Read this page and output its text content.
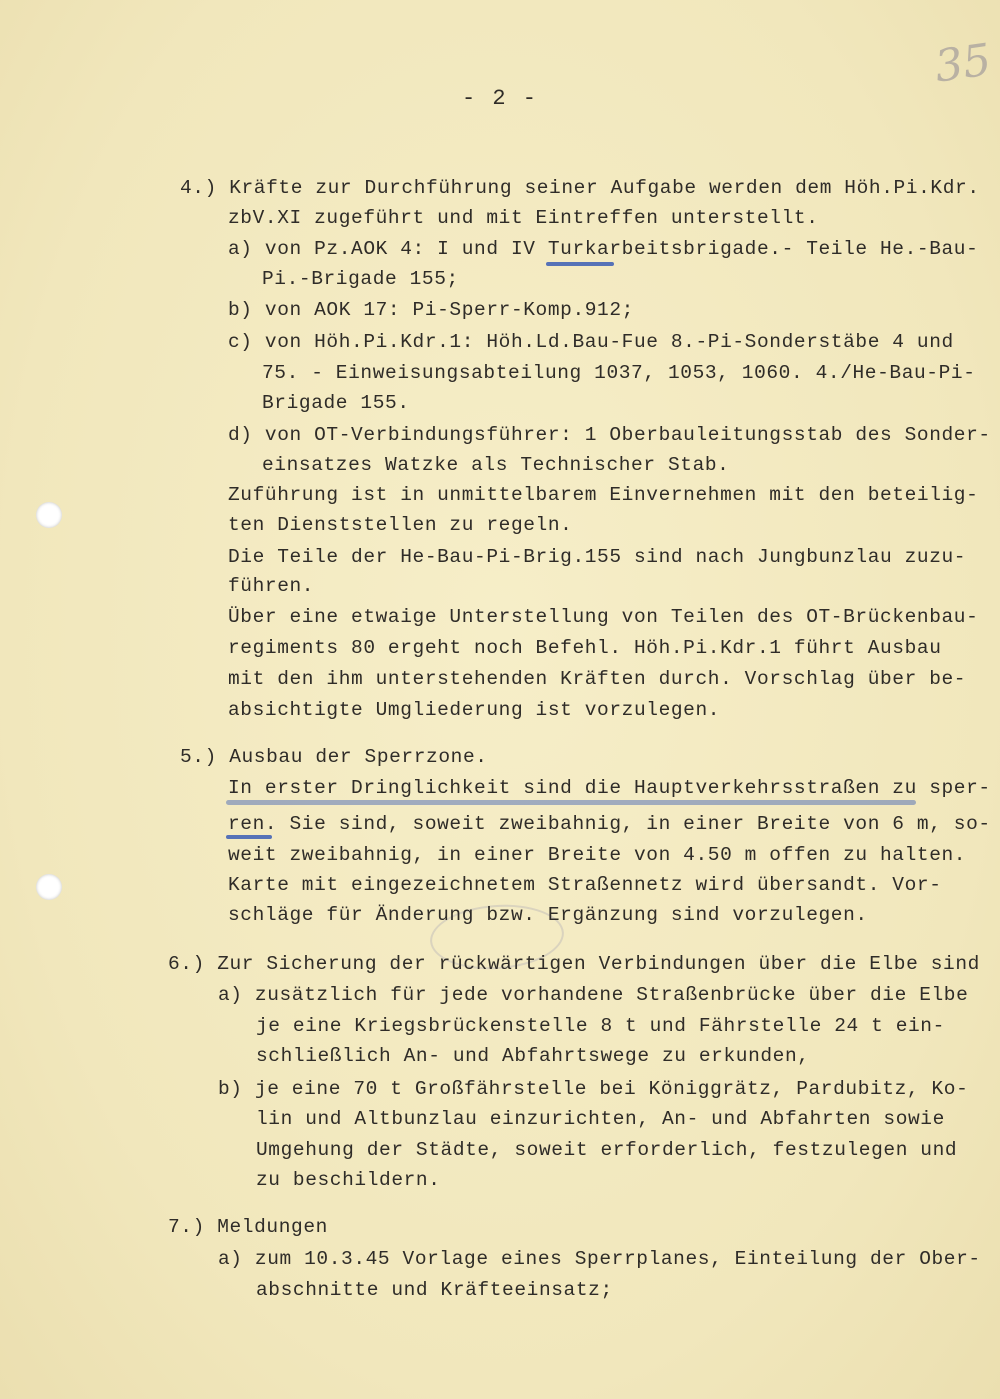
35
- 2 -
​
4.) Kräfte zur Durchführung seiner Aufgabe werden dem Höh.Pi.Kdr.
zbV.XI zugeführt und mit Eintreffen unterstellt.
a) von Pz.AOK 4: I und IV Turkarbeitsbrigade.- Teile He.-Bau-
Pi.-Brigade 155;
b) von AOK 17: Pi-Sperr-Komp.912;
c) von Höh.Pi.Kdr.1: Höh.Ld.Bau-Fue 8.-Pi-Sonderstäbe 4 und
75. - Einweisungsabteilung 1037, 1053, 1060. 4./He-Bau-Pi-
Brigade 155.
d) von OT-Verbindungsführer: 1 Oberbauleitungsstab des Sonder-
einsatzes Watzke als Technischer Stab.
Zuführung ist in unmittelbarem Einvernehmen mit den beteilig-
ten Dienststellen zu regeln.
Die Teile der He-Bau-Pi-Brig.155 sind nach Jungbunzlau zuzu-
führen.
Über eine etwaige Unterstellung von Teilen des OT-Brückenbau-
regiments 80 ergeht noch Befehl. Höh.Pi.Kdr.1 führt Ausbau
mit den ihm unterstehenden Kräften durch. Vorschlag über be-
absichtigte Umgliederung ist vorzulegen.
5.) Ausbau der Sperrzone.
In erster Dringlichkeit sind die Hauptverkehrsstraßen zu sper-
ren. Sie sind, soweit zweibahnig, in einer Breite von 6 m, so-
weit zweibahnig, in einer Breite von 4.50 m offen zu halten.
Karte mit eingezeichnetem Straßennetz wird übersandt. Vor-
schläge für Änderung bzw. Ergänzung sind vorzulegen.
6.) Zur Sicherung der rückwärtigen Verbindungen über die Elbe sind
a) zusätzlich für jede vorhandene Straßenbrücke über die Elbe
je eine Kriegsbrückenstelle 8 t und Fährstelle 24 t ein-
schließlich An- und Abfahrtswege zu erkunden,
b) je eine 70 t Großfährstelle bei Königgrätz, Pardubitz, Ko-
lin und Altbunzlau einzurichten, An- und Abfahrten sowie
Umgehung der Städte, soweit erforderlich, festzulegen und
zu beschildern.
7.) Meldungen
a) zum 10.3.45 Vorlage eines Sperrplanes, Einteilung der Ober-
abschnitte und Kräfteeinsatz;
